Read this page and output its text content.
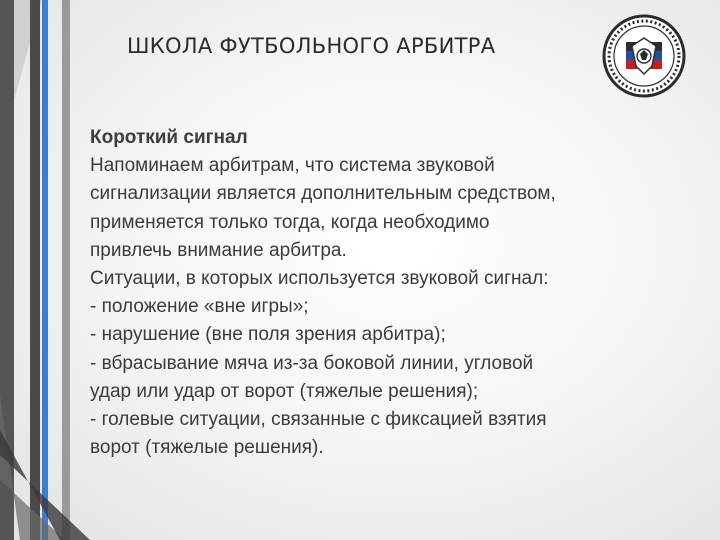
ШКОЛА ФУТБОЛЬНОГО АРБИТРА

Короткий сигнал

Напоминаем арбитрам, что система звуковой

сигнализации является дополнительным средством,

применяется только тогда, когда необходимо

привлечь внимание арбитра.

Ситуации, в которых используется звуковой сигнал:

- положение «вне игры»;

- нарушение (вне поля зрения арбитра);

- вбрасывание мяча из-за боковой линии, угловой

удар или удар от ворот (тяжелые решения);

- голевые ситуации, связанные с фиксацией взятия

ворот (тяжелые решения).
